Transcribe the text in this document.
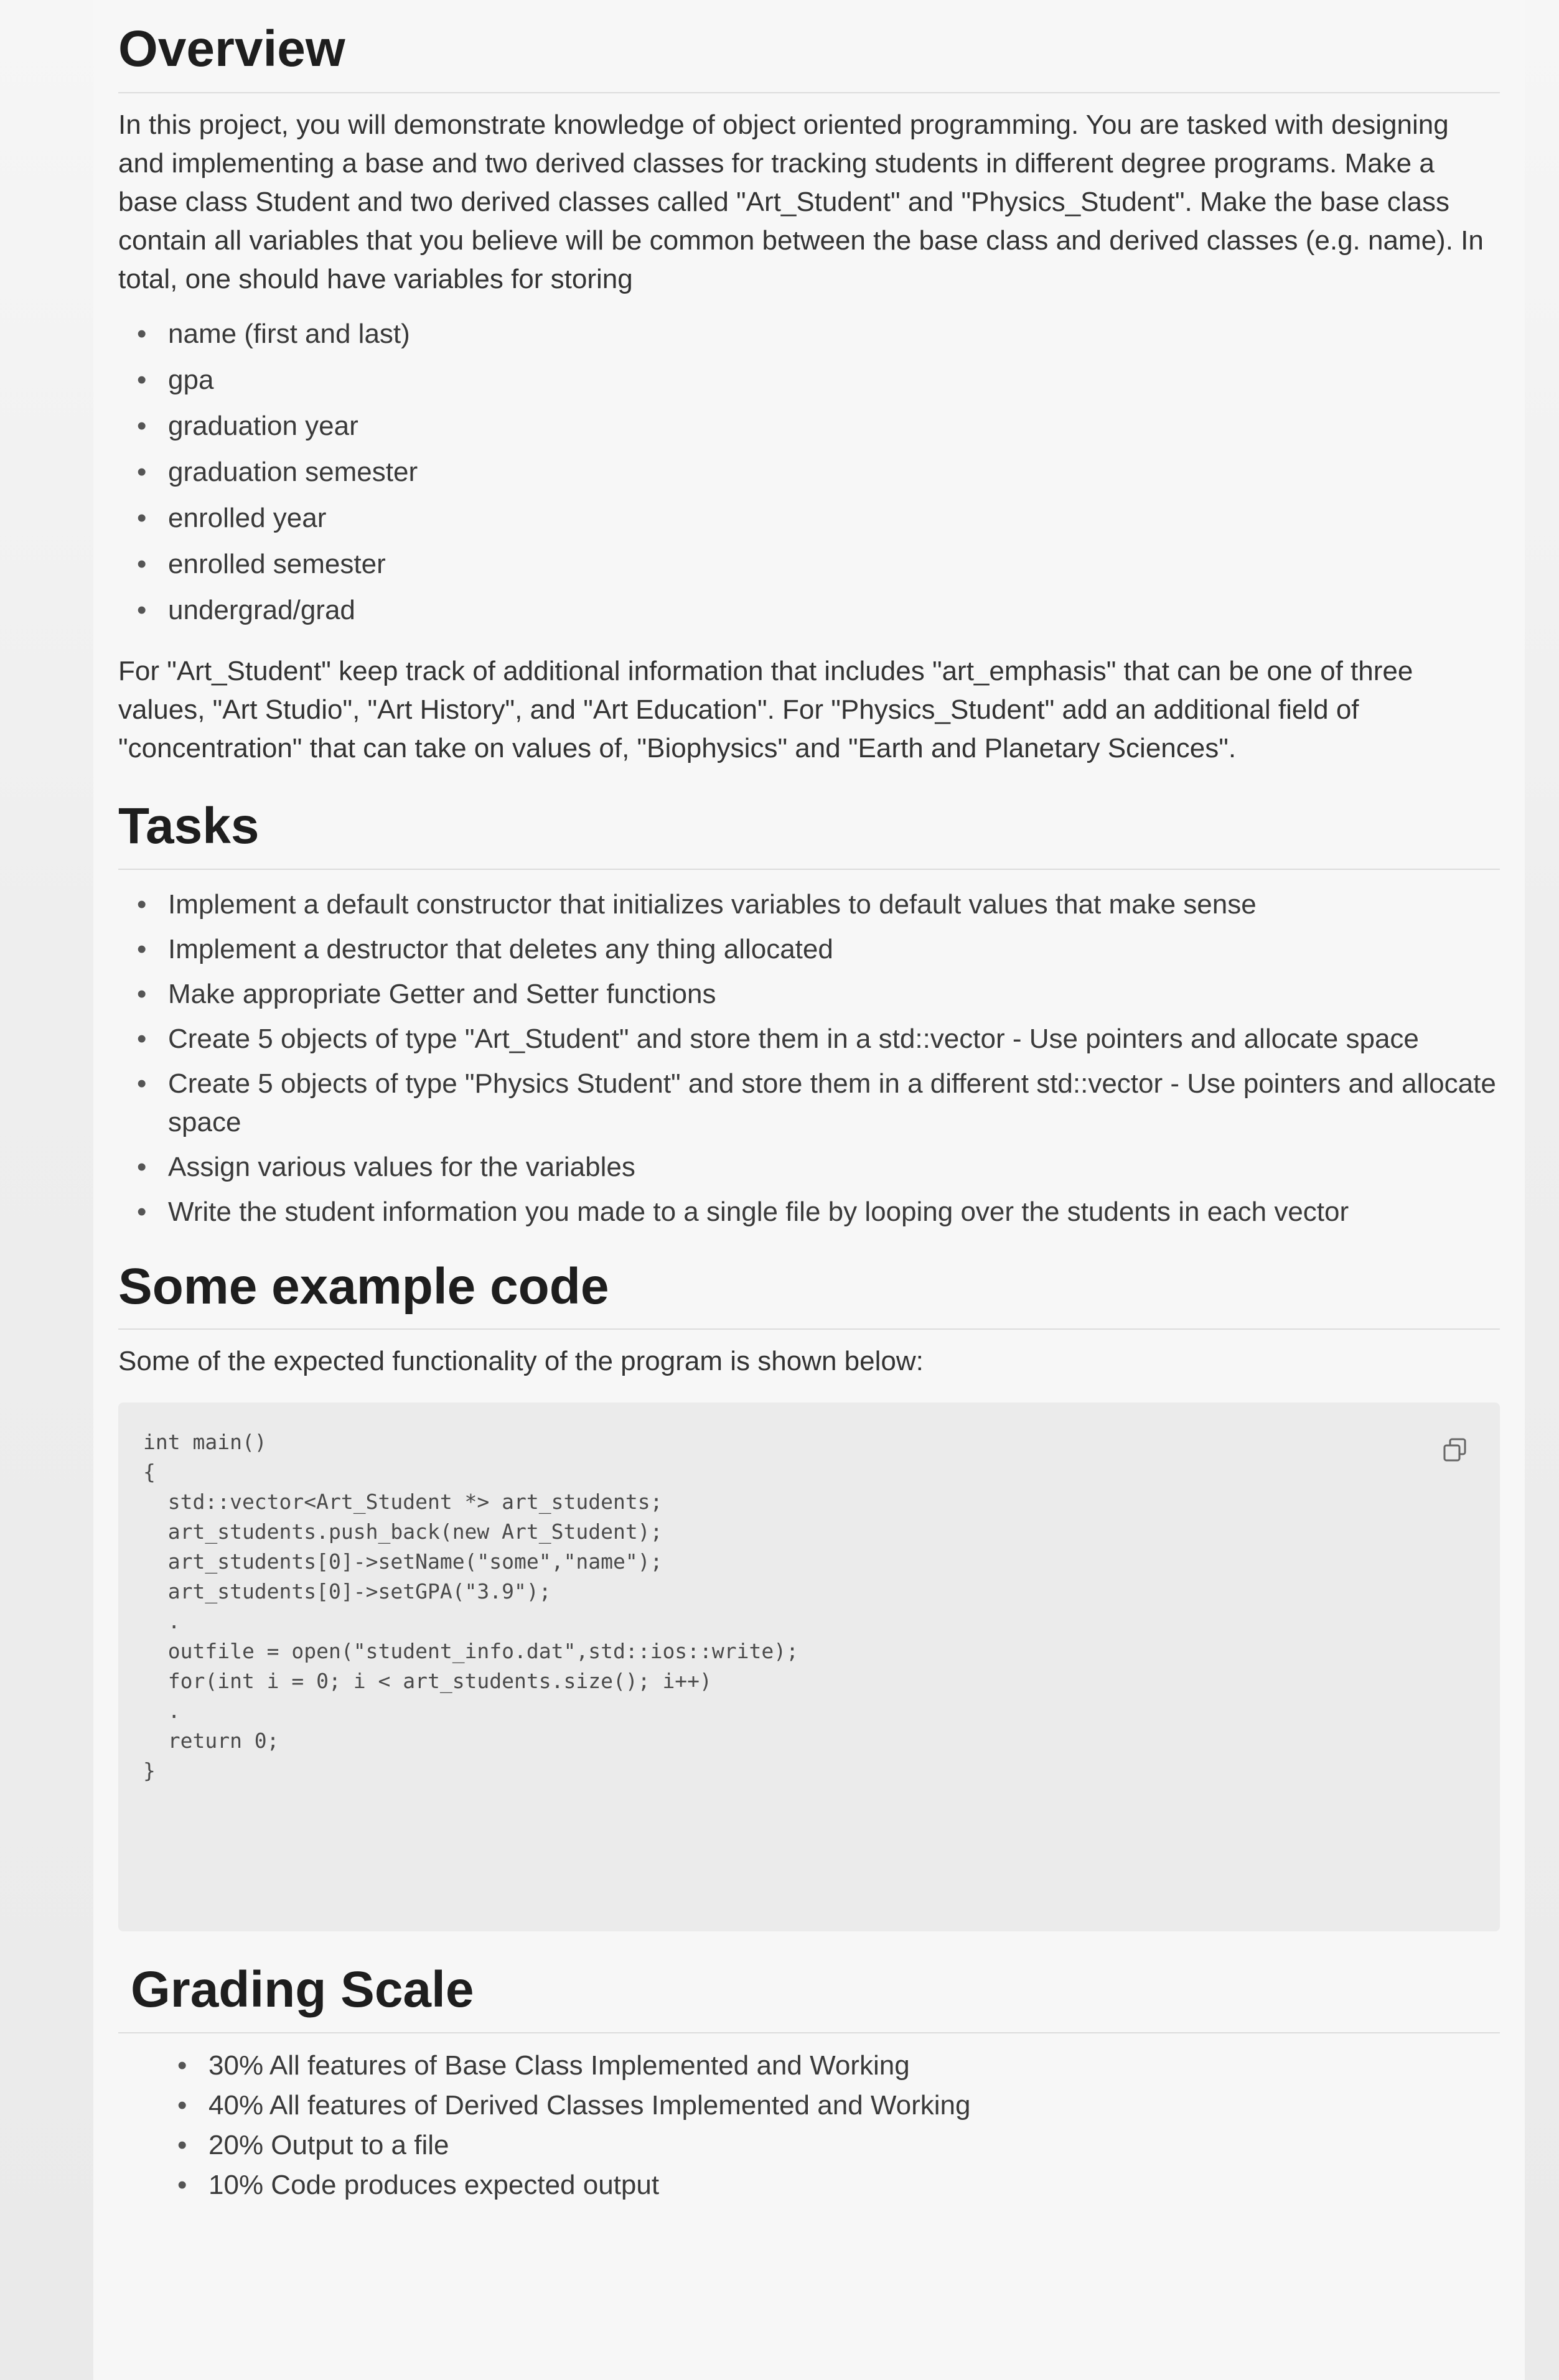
Overview

In this project, you will demonstrate knowledge of object oriented programming. You are tasked with designing and implementing a base and two derived classes for tracking students in different degree programs. Make a base class Student and two derived classes called "Art_Student" and "Physics_Student". Make the base class contain all variables that you believe will be common between the base class and derived classes (e.g. name). In total, one should have variables for storing

• name (first and last)
• gpa
• graduation year
• graduation semester
• enrolled year
• enrolled semester
• undergrad/grad

For "Art_Student" keep track of additional information that includes "art_emphasis" that can be one of three values, "Art Studio", "Art History", and "Art Education". For "Physics_Student" add an additional field of "concentration" that can take on values of, "Biophysics" and "Earth and Planetary Sciences".

Tasks
• Implement a default constructor that initializes variables to default values that make sense
• Implement a destructor that deletes any thing allocated
• Make appropriate Getter and Setter functions
• Create 5 objects of type "Art_Student" and store them in a std::vector - Use pointers and allocate space
• Create 5 objects of type "Physics Student" and store them in a different std::vector - Use pointers and allocate space
• Assign various values for the variables
• Write the student information you made to a single file by looping over the students in each vector
Some example code

Some of the expected functionality of the program is shown below:

int main()
{
std::vector<Art_Student *> art_students;
art_students.push_back(new Art_Student);
art_students[0]->setName("some","name");
art_students[0]->setGPA("3.9");
.
outfile = open("student_info.dat",std::ios::write);
for(int i = 0; i < art_students.size(); i++)
.
return 0;
}
Grading Scale
• 30% All features of Base Class Implemented and Working
• 40% All features of Derived Classes Implemented and Working
• 20% Output to a file
• 10% Code produces expected output
